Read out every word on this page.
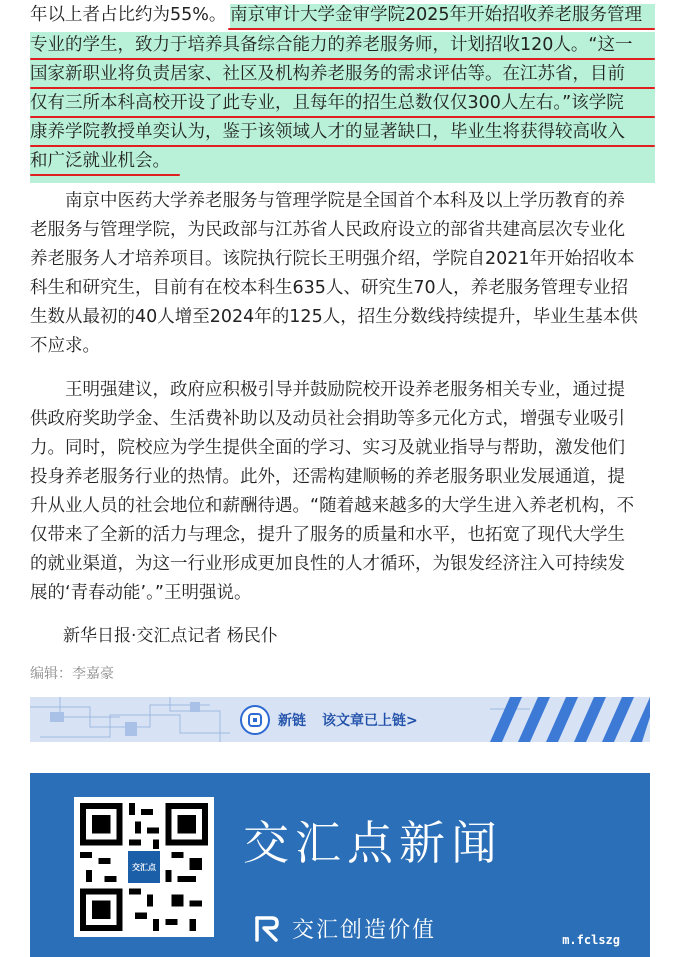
年以上者占比约为55%。 南京审计大学金审学院2025年开始招收养老服务管理
专业的学生，致力于培养具备综合能力的养老服务师，计划招收120人。“这一
国家新职业将负责居家、社区及机构养老服务的需求评估等。在江苏省，目前
仅有三所本科高校开设了此专业，且每年的招生总数仅仅300人左右。”该学院
康养学院教授单奕认为，鉴于该领域人才的显著缺口，毕业生将获得较高收入
和广泛就业机会。
南京中医药大学养老服务与管理学院是全国首个本科及以上学历教育的养
老服务与管理学院，为民政部与江苏省人民政府设立的部省共建高层次专业化
养老服务人才培养项目。该院执行院长王明强介绍，学院自2021年开始招收本
科生和研究生，目前有在校本科生635人、研究生70人，养老服务管理专业招
生数从最初的40人增至2024年的125人，招生分数线持续提升，毕业生基本供
不应求。
王明强建议，政府应积极引导并鼓励院校开设养老服务相关专业，通过提
供政府奖助学金、生活费补助以及动员社会捐助等多元化方式，增强专业吸引
力。同时，院校应为学生提供全面的学习、实习及就业指导与帮助，激发他们
投身养老服务行业的热情。此外，还需构建顺畅的养老服务职业发展通道，提
升从业人员的社会地位和薪酬待遇。“随着越来越多的大学生进入养老机构，不
仅带来了全新的活力与理念，提升了服务的质量和水平，也拓宽了现代大学生
的就业渠道，为这一行业形成更加良性的人才循环，为银发经济注入可持续发
展的‘青春动能’。”王明强说。
新华日报·交汇点记者 杨民仆
编辑：李嘉豪
新链 该文章已上链>
交汇点 交汇点新闻
交汇创造价值	m.fclszg
